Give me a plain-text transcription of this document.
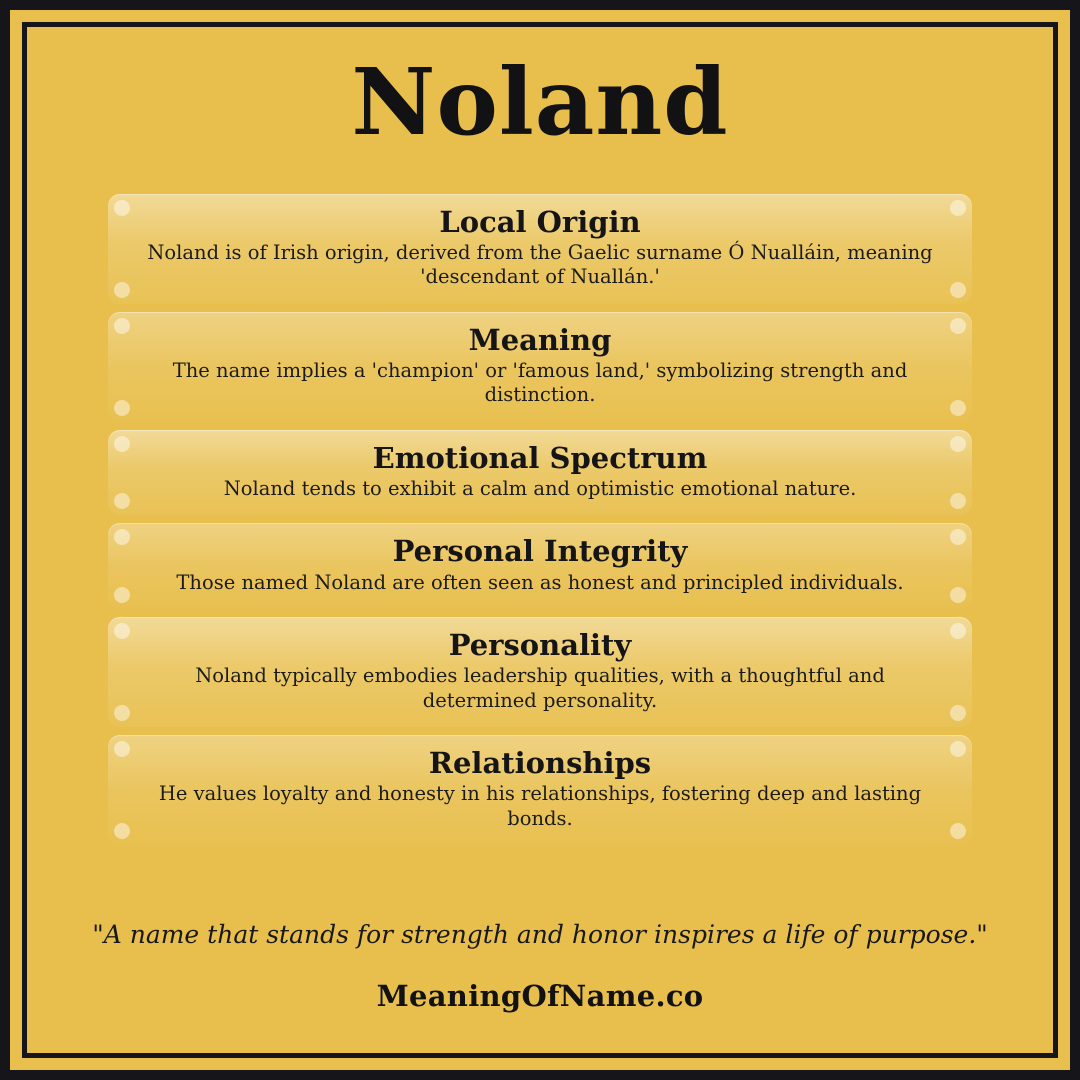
Noland

Local Origin

Noland is of Irish origin, derived from the Gaelic surname Ó Nualláin, meaning 'descendant of Nuallán.'

Meaning

The name implies a 'champion' or 'famous land,' symbolizing strength and distinction.

Emotional Spectrum

Noland tends to exhibit a calm and optimistic emotional nature.

Personal Integrity

Those named Noland are often seen as honest and principled individuals.

Personality

Noland typically embodies leadership qualities, with a thoughtful and determined personality.

Relationships

He values loyalty and honesty in his relationships, fostering deep and lasting bonds.

"A name that stands for strength and honor inspires a life of purpose."
MeaningOfName.co
